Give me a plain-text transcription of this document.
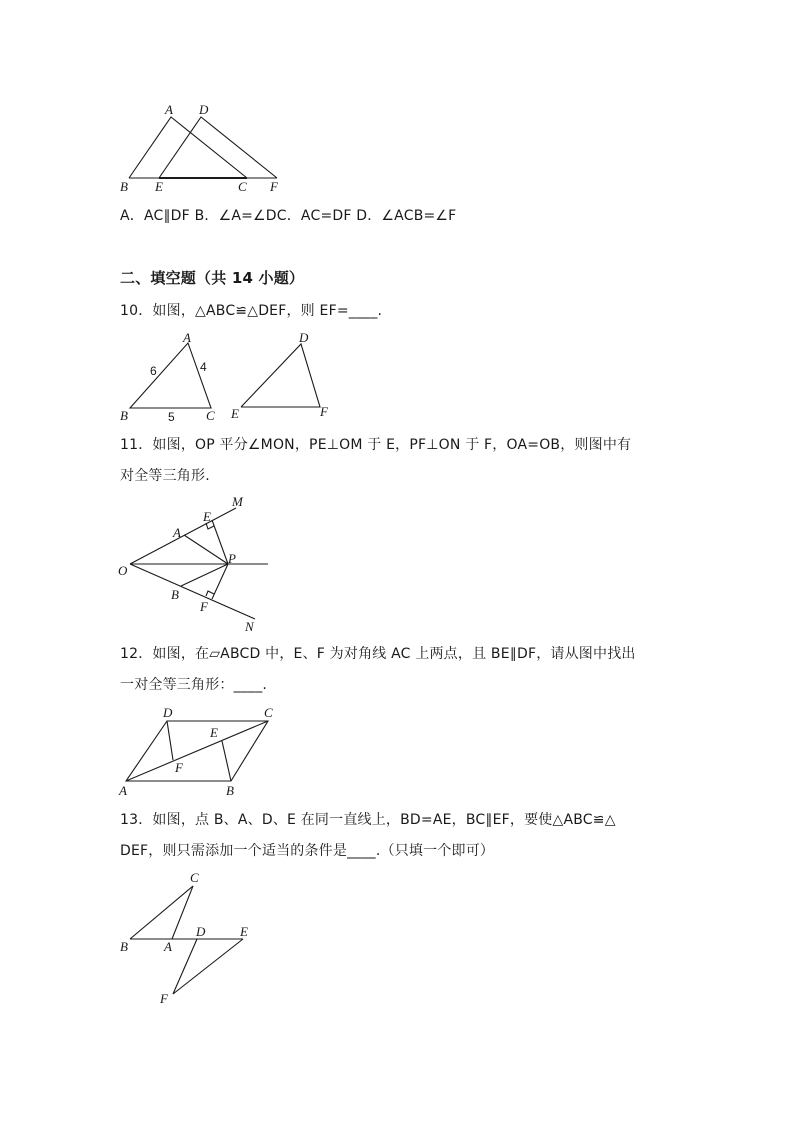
A D
B E	C F
A．AC∥DF B．∠A=∠DC．AC=DF D．∠ACB=∠F
二、填空题（共 14 小题）
10．如图，△ABC≌△DEF，则 EF=____.
A
B	C
6	4
5
D
E	F
11．如图，OP 平分∠MON，PE⊥OM 于 E，PF⊥ON 于 F，OA=OB，则图中有
对全等三角形.
M
E
A
O
P
B
F
N
12．如图，在▱ABCD 中，E、F 为对角线 AC 上两点，且 BE∥DF，请从图中找出
一对全等三角形：____.
D	C
E
F
A	B
13．如图，点 B、A、D、E 在同一直线上，BD=AE，BC∥EF，要使△ABC≌△
DEF，则只需添加一个适当的条件是____.（只填一个即可）
C
B	A
D	E
F
